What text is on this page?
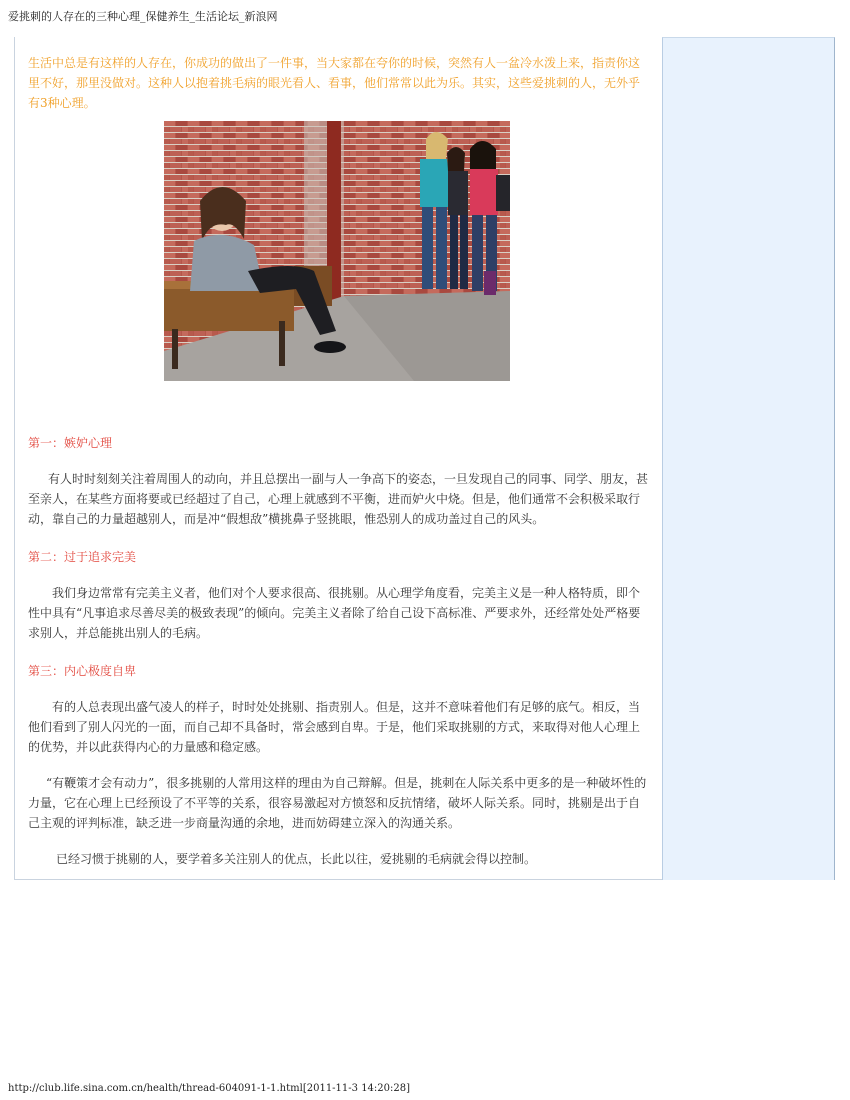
爱挑刺的人存在的三种心理_保健养生_生活论坛_新浪网

生活中总是有这样的人存在，你成功的做出了一件事，当大家都在夸你的时候，突然有人一盆冷水泼上来，指责你这里不好，那里没做对。这种人以抱着挑毛病的眼光看人、看事，他们常常以此为乐。其实，这些爱挑刺的人，无外乎有3种心理。

第一：嫉妒心理

有人时时刻刻关注着周围人的动向，并且总摆出一副与人一争高下的姿态，一旦发现自己的同事、同学、朋友，甚至亲人，在某些方面将要或已经超过了自己，心理上就感到不平衡，进而妒火中烧。但是，他们通常不会积极采取行动，靠自己的力量超越别人，而是冲“假想敌”横挑鼻子竖挑眼，惟恐别人的成功盖过自己的风头。

第二：过于追求完美

我们身边常常有完美主义者，他们对个人要求很高、很挑剔。从心理学角度看，完美主义是一种人格特质，即个性中具有“凡事追求尽善尽美的极致表现”的倾向。完美主义者除了给自己设下高标准、严要求外，还经常处处严格要求别人，并总能挑出别人的毛病。

第三：内心极度自卑

有的人总表现出盛气凌人的样子，时时处处挑剔、指责别人。但是，这并不意味着他们有足够的底气。相反，当他们看到了别人闪光的一面，而自己却不具备时，常会感到自卑。于是，他们采取挑剔的方式，来取得对他人心理上的优势，并以此获得内心的力量感和稳定感。

“有鞭策才会有动力”，很多挑剔的人常用这样的理由为自己辩解。但是，挑刺在人际关系中更多的是一种破坏性的力量，它在心理上已经预设了不平等的关系，很容易激起对方愤怒和反抗情绪，破坏人际关系。同时，挑剔是出于自己主观的评判标准，缺乏进一步商量沟通的余地，进而妨碍建立深入的沟通关系。

已经习惯于挑剔的人，要学着多关注别人的优点，长此以往，爱挑剔的毛病就会得以控制。

http://club.life.sina.com.cn/health/thread-604091-1-1.html[2011-11-3 14:20:28]
